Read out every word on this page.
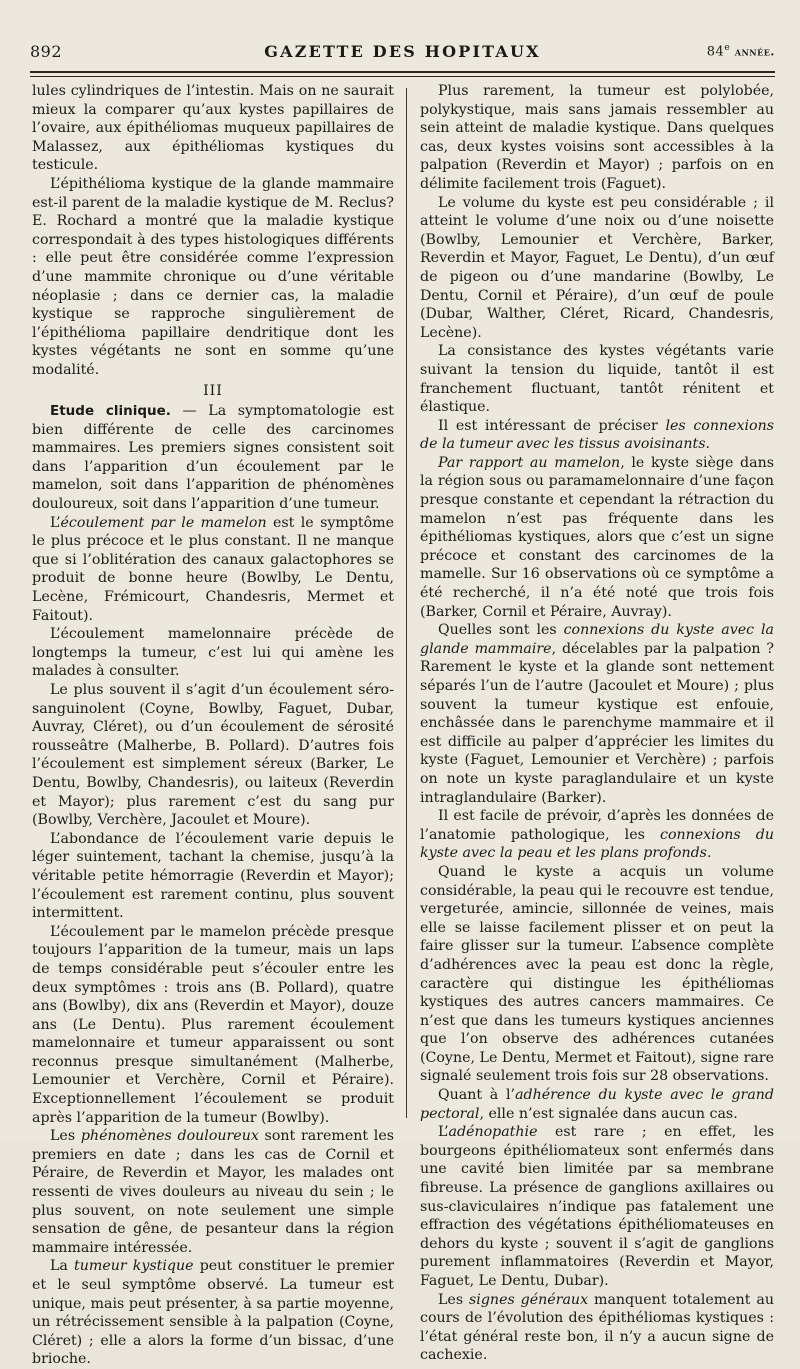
892	GAZETTE DES HOPITAUX	84e année.

lules cylindriques de l’intestin. Mais on ne saurait mieux la comparer qu’aux kystes papillaires de l’ovaire, aux épithéliomas muqueux papillaires de Malassez, aux épithéliomas kystiques du testicule.

L’épithélioma kystique de la glande mammaire est-il parent de la maladie kystique de M. Reclus? E. Rochard a montré que la maladie kystique correspondait à des types histologiques différents : elle peut être considérée comme l’expression d’une mammite chronique ou d’une véritable néoplasie ; dans ce dernier cas, la maladie kystique se rapproche singulièrement de l’épithélioma papillaire dendritique dont les kystes végétants ne sont en somme qu’une modalité.

III

Etude clinique. — La symptomatologie est bien différente de celle des carcinomes mammaires. Les premiers signes consistent soit dans l’apparition d’un écoulement par le mamelon, soit dans l’apparition de phénomènes douloureux, soit dans l’apparition d’une tumeur.

L’écoulement par le mamelon est le symptôme le plus précoce et le plus constant. Il ne manque que si l’oblitération des canaux galactophores se produit de bonne heure (Bowlby, Le Dentu, Lecène, Frémicourt, Chandesris, Mermet et Faitout).

L’écoulement mamelonnaire précède de longtemps la tumeur, c’est lui qui amène les malades à consulter.

Le plus souvent il s’agit d’un écoulement séro-sanguinolent (Coyne, Bowlby, Faguet, Dubar, Auvray, Cléret), ou d’un écoulement de sérosité rousseâtre (Malherbe, B. Pollard). D’autres fois l’écoulement est simplement séreux (Barker, Le Dentu, Bowlby, Chandesris), ou laiteux (Reverdin et Mayor); plus rarement c’est du sang pur (Bowlby, Verchère, Jacoulet et Moure).

L’abondance de l’écoulement varie depuis le léger suintement, tachant la chemise, jusqu’à la véritable petite hémorragie (Reverdin et Mayor); l’écoulement est rarement continu, plus souvent intermittent.

L’écoulement par le mamelon précède presque toujours l’apparition de la tumeur, mais un laps de temps considérable peut s’écouler entre les deux symptômes : trois ans (B. Pollard), quatre ans (Bowlby), dix ans (Reverdin et Mayor), douze ans (Le Dentu). Plus rarement écoulement mamelonnaire et tumeur apparaissent ou sont reconnus presque simultanément (Malherbe, Lemounier et Verchère, Cornil et Péraire). Exceptionnellement l’écoulement se produit après l’apparition de la tumeur (Bowlby).

Les phénomènes douloureux sont rarement les premiers en date ; dans les cas de Cornil et Péraire, de Reverdin et Mayor, les malades ont ressenti de vives douleurs au niveau du sein ; le plus souvent, on note seulement une simple sensation de gêne, de pesanteur dans la région mammaire intéressée.

La tumeur kystique peut constituer le premier et le seul symptôme observé. La tumeur est unique, mais peut présenter, à sa partie moyenne, un rétrécissement sensible à la palpation (Coyne, Cléret) ; elle a alors la forme d’un bissac, d’une brioche.

Plus rarement, la tumeur est polylobée, polykystique, mais sans jamais ressembler au sein atteint de maladie kystique. Dans quelques cas, deux kystes voisins sont accessibles à la palpation (Reverdin et Mayor) ; parfois on en délimite facilement trois (Faguet).

Le volume du kyste est peu considérable ; il atteint le volume d’une noix ou d’une noisette (Bowlby, Lemounier et Verchère, Barker, Reverdin et Mayor, Faguet, Le Dentu), d’un œuf de pigeon ou d’une mandarine (Bowlby, Le Dentu, Cornil et Péraire), d’un œuf de poule (Dubar, Walther, Cléret, Ricard, Chandesris, Lecène).

La consistance des kystes végétants varie suivant la tension du liquide, tantôt il est franchement fluctuant, tantôt rénitent et élastique.

Il est intéressant de préciser les connexions de la tumeur avec les tissus avoisinants.

Par rapport au mamelon, le kyste siège dans la région sous ou paramamelonnaire d’une façon presque constante et cependant la rétraction du mamelon n’est pas fréquente dans les épithéliomas kystiques, alors que c’est un signe précoce et constant des carcinomes de la mamelle. Sur 16 observations où ce symptôme a été recherché, il n’a été noté que trois fois (Barker, Cornil et Péraire, Auvray).

Quelles sont les connexions du kyste avec la glande mammaire, décelables par la palpation ? Rarement le kyste et la glande sont nettement séparés l’un de l’autre (Jacoulet et Moure) ; plus souvent la tumeur kystique est enfouie, enchâssée dans le parenchyme mammaire et il est difficile au palper d’apprécier les limites du kyste (Faguet, Lemounier et Verchère) ; parfois on note un kyste paraglandulaire et un kyste intraglandulaire (Barker).

Il est facile de prévoir, d’après les données de l’anatomie pathologique, les connexions du kyste avec la peau et les plans profonds.

Quand le kyste a acquis un volume considérable, la peau qui le recouvre est tendue, vergeturée, amincie, sillonnée de veines, mais elle se laisse facilement plisser et on peut la faire glisser sur la tumeur. L’absence complète d’adhérences avec la peau est donc la règle, caractère qui distingue les épithéliomas kystiques des autres cancers mammaires. Ce n’est que dans les tumeurs kystiques anciennes que l’on observe des adhérences cutanées (Coyne, Le Dentu, Mermet et Faitout), signe rare signalé seulement trois fois sur 28 observations.

Quant à l’adhérence du kyste avec le grand pectoral, elle n’est signalée dans aucun cas.

L’adénopathie est rare ; en effet, les bourgeons épithéliomateux sont enfermés dans une cavité bien limitée par sa membrane fibreuse. La présence de ganglions axillaires ou sus-claviculaires n’indique pas fatalement une effraction des végétations épithéliomateuses en dehors du kyste ; souvent il s’agit de ganglions purement inflammatoires (Reverdin et Mayor, Faguet, Le Dentu, Dubar).

Les signes généraux manquent totalement au cours de l’évolution des épithéliomas kystiques : l’état général reste bon, il n’y a aucun signe de cachexie.
